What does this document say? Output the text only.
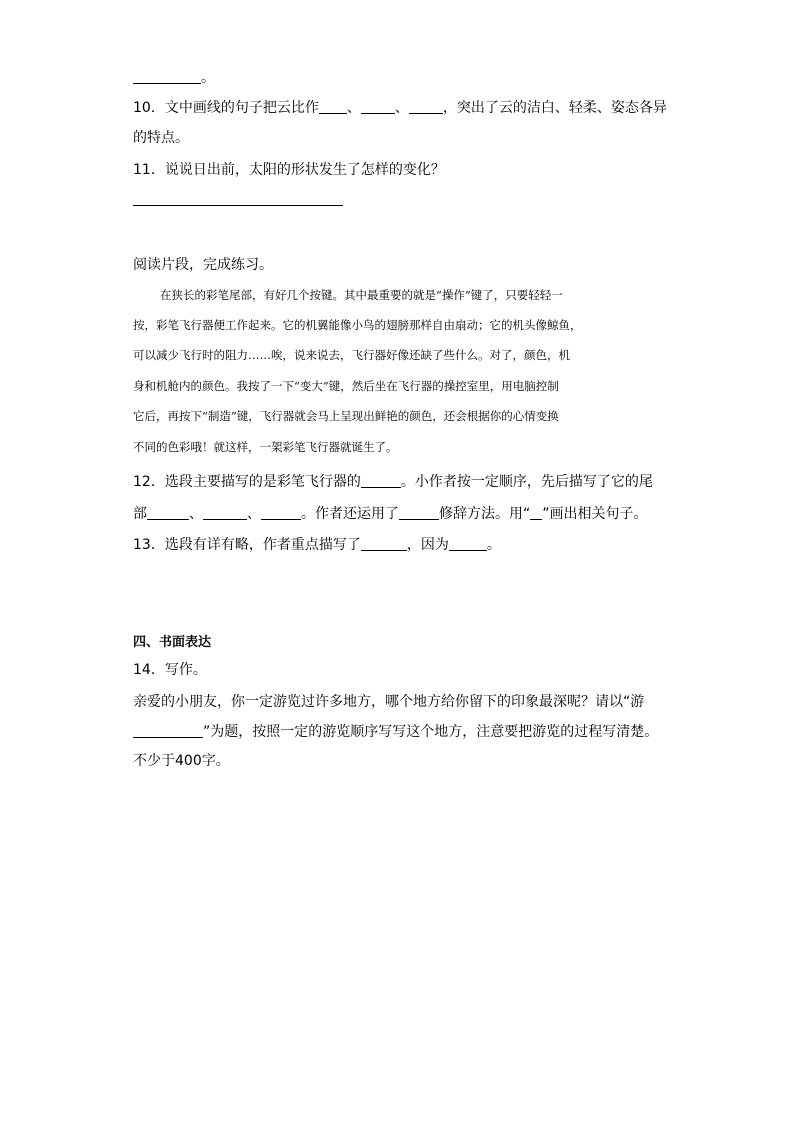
。
10．文中画线的句子把云比作 、 、 ，突出了云的洁白、轻柔、姿态各异
的特点。
11．说说日出前，太阳的形状发生了怎样的变化？
阅读片段，完成练习。
在狭长的彩笔尾部，有好几个按键。其中最重要的就是“操作”键了，只要轻轻一
按，彩笔飞行器便工作起来。它的机翼能像小鸟的翅膀那样自由扇动；它的机头像鲸鱼，
可以减少飞行时的阻力……唉，说来说去，飞行器好像还缺了些什么。对了，颜色，机
身和机舱内的颜色。我按了一下“变大”键，然后坐在飞行器的操控室里，用电脑控制
它后，再按下“制造”键，飞行器就会马上呈现出鲜艳的颜色，还会根据你的心情变换
不同的色彩哦！就这样，一架彩笔飞行器就诞生了。
12．选段主要描写的是彩笔飞行器的	。小作者按一定顺序，先后描写了它的尾
部	、	、	。作者还运用了	修辞方法。用“ ”画出相关句子。
13．选段有详有略，作者重点描写了	，因为	。
四、书面表达
14．写作。
亲爱的小朋友，你一定游览过许多地方，哪个地方给你留下的印象最深呢？请以“游
”为题，按照一定的游览顺序写写这个地方，注意要把游览的过程写清楚。
不少于400字。
